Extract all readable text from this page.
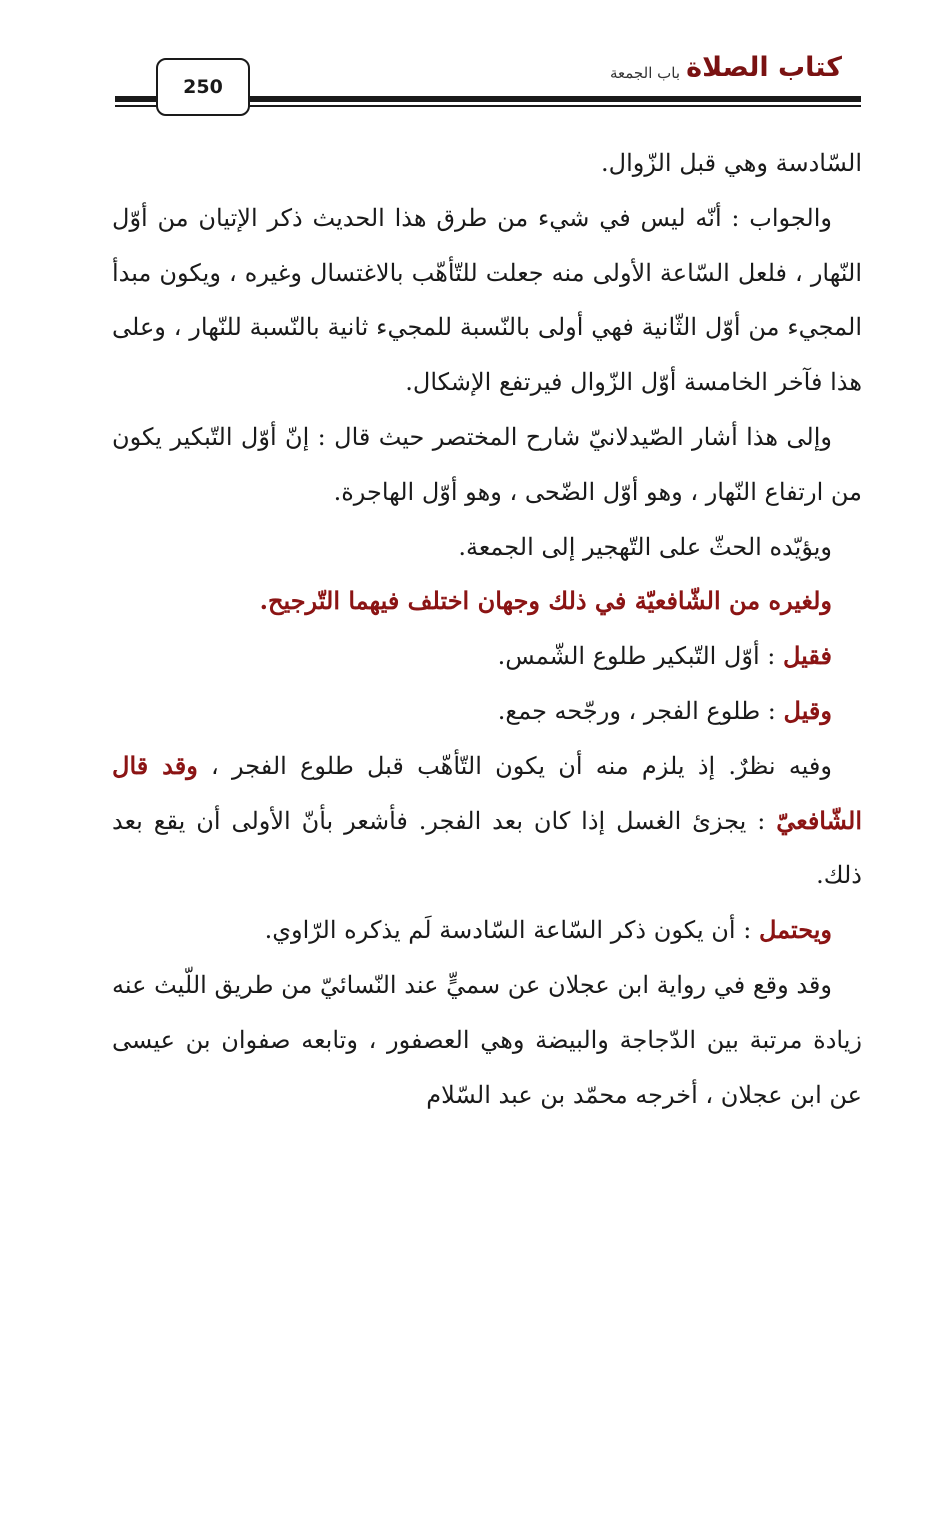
250
كتاب الصلاة
باب الجمعة

السّادسة وهي قبل الزّوال.

والجواب : أنّه ليس في شيء من طرق هذا الحديث ذكر الإتيان من أوّل النّهار ، فلعل السّاعة الأولى منه جعلت للتّأهّب بالاغتسال وغيره ، ويكون مبدأ المجيء من أوّل الثّانية فهي أولى بالنّسبة للمجيء ثانية بالنّسبة للنّهار ، وعلى هذا فآخر الخامسة أوّل الزّوال فيرتفع الإشكال.

وإلى هذا أشار الصّيدلانيّ شارح المختصر حيث قال : إنّ أوّل التّبكير يكون من ارتفاع النّهار ، وهو أوّل الضّحى ، وهو أوّل الهاجرة.

ويؤيّده الحثّ على التّهجير إلى الجمعة.

ولغيره من الشّافعيّة في ذلك وجهان اختلف فيهما التّرجيح.

فقيل : أوّل التّبكير طلوع الشّمس.

وقيل : طلوع الفجر ، ورجّحه جمع.

وفيه نظرٌ. إذ يلزم منه أن يكون التّأهّب قبل طلوع الفجر ، وقد قال الشّافعيّ : يجزئ الغسل إذا كان بعد الفجر. فأشعر بأنّ الأولى أن يقع بعد ذلك.

ويحتمل : أن يكون ذكر السّاعة السّادسة لَم يذكره الرّاوي.

وقد وقع في رواية ابن عجلان عن سميٍّ عند النّسائيّ من طريق اللّيث عنه زيادة مرتبة بين الدّجاجة والبيضة وهي العصفور ، وتابعه صفوان بن عيسى عن ابن عجلان ، أخرجه محمّد بن عبد السّلام
